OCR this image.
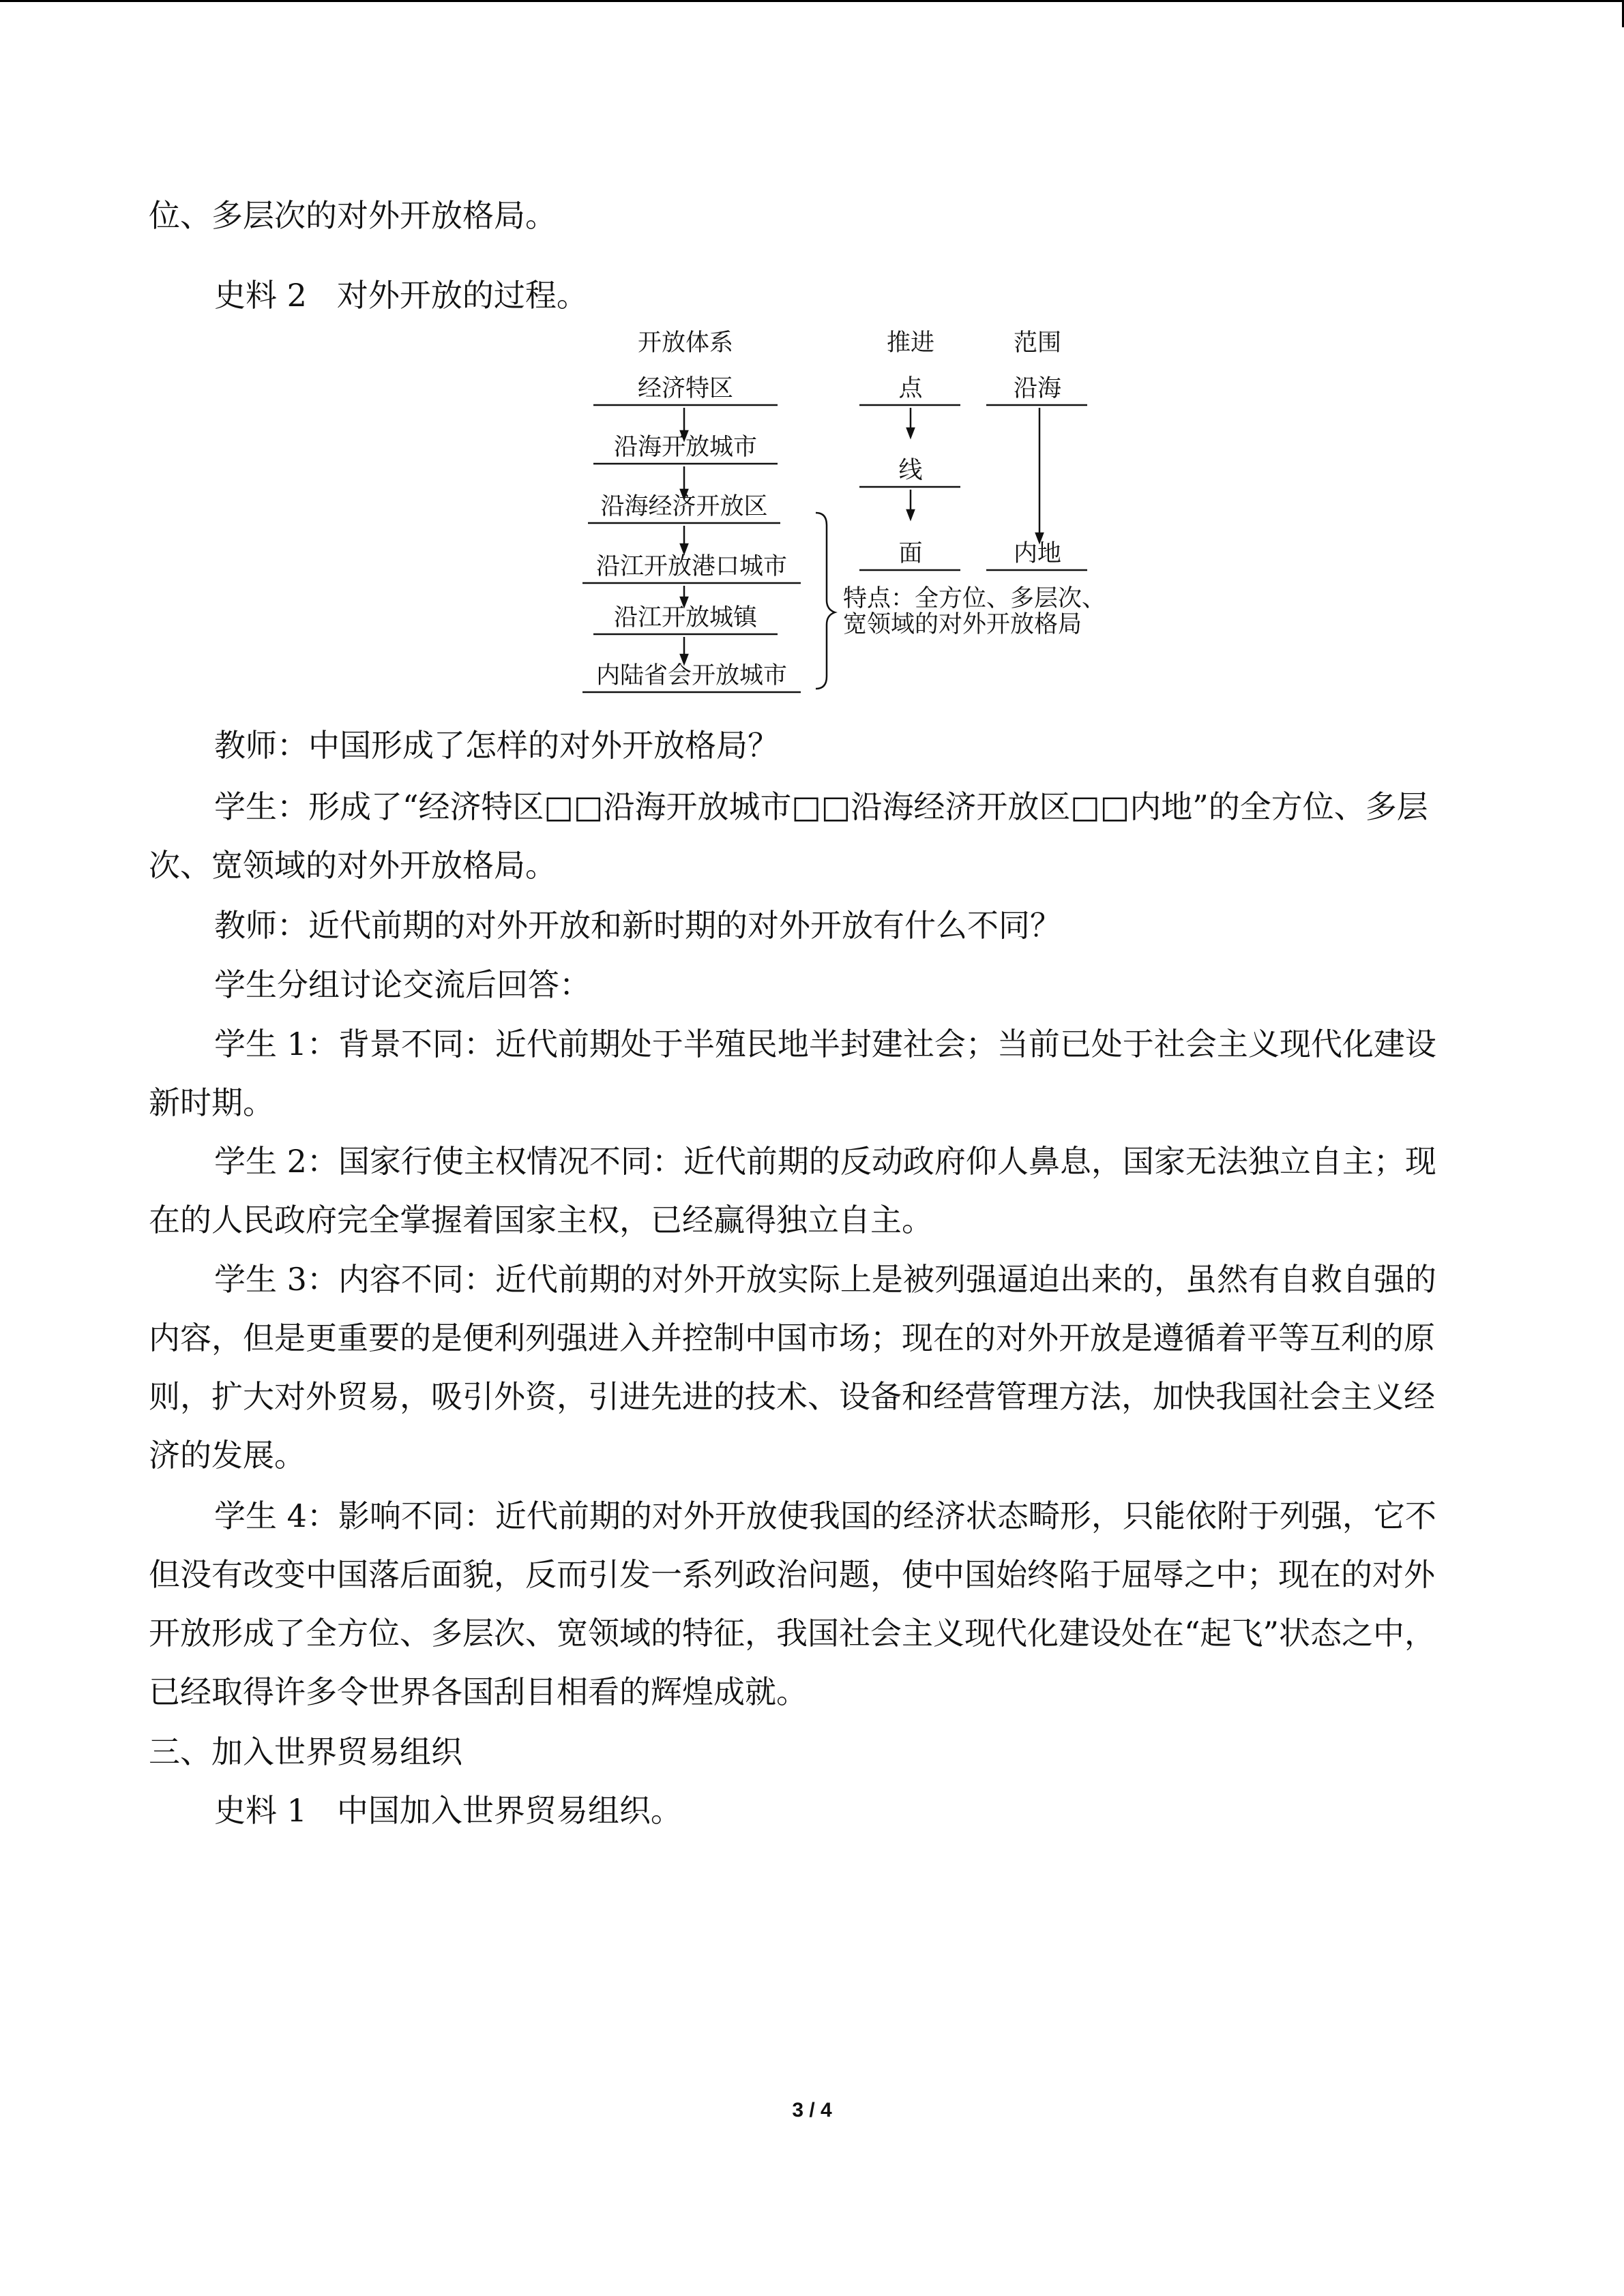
位、多层次的对外开放格局。

史料 2 对外开放的过程。

开放体系	推进	范围
经济特区
沿海开放城市
沿海经济开放区
沿江开放港口城市
沿江开放城镇
内陆省会开放城市
点
线
面
沿海
内地
特点：全方位、多层次、
宽领域的对外开放格局

教师：中国形成了怎样的对外开放格局？

学生：形成了“经济特区□□沿海开放城市□□沿海经济开放区□□内地”的全方位、多层次、宽领域的对外开放格局。

教师：近代前期的对外开放和新时期的对外开放有什么不同？

学生分组讨论交流后回答：

学生 1：背景不同：近代前期处于半殖民地半封建社会；当前已处于社会主义现代化建设新时期。

学生 2：国家行使主权情况不同：近代前期的反动政府仰人鼻息，国家无法独立自主；现在的人民政府完全掌握着国家主权，已经赢得独立自主。

学生 3：内容不同：近代前期的对外开放实际上是被列强逼迫出来的，虽然有自救自强的内容，但是更重要的是便利列强进入并控制中国市场；现在的对外开放是遵循着平等互利的原则，扩大对外贸易，吸引外资，引进先进的技术、设备和经营管理方法，加快我国社会主义经济的发展。

学生 4：影响不同：近代前期的对外开放使我国的经济状态畸形，只能依附于列强，它不但没有改变中国落后面貌，反而引发一系列政治问题，使中国始终陷于屈辱之中；现在的对外开放形成了全方位、多层次、宽领域的特征，我国社会主义现代化建设处在“起飞”状态之中，已经取得许多令世界各国刮目相看的辉煌成就。

三、加入世界贸易组织

史料 1 中国加入世界贸易组织。

3 / 4
